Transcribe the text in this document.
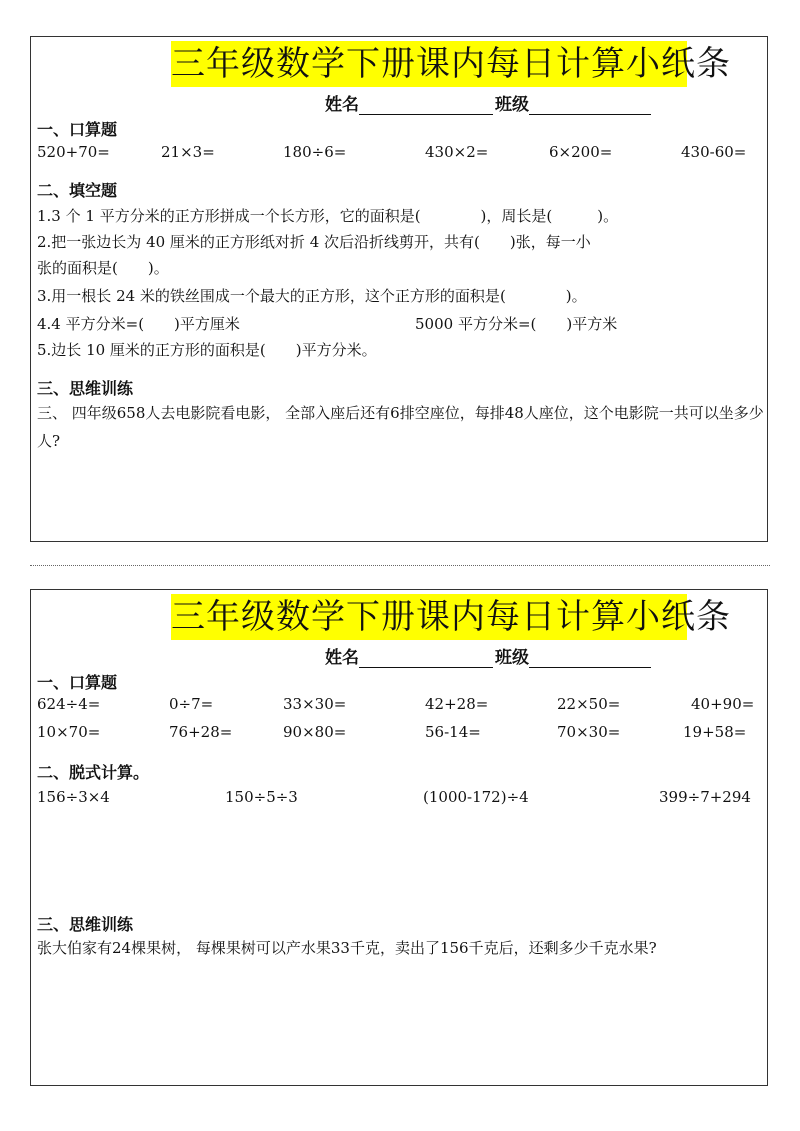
三年级数学下册课内每日计算小纸条
姓名	班级
一、口算题
520+70=	21×3=	180÷6=	430×2=	6×200=	430-60=
二、填空题
1.3 个 1 平方分米的正方形拼成一个长方形，它的面积是(　　　　)，周长是(　　　)。
2.把一张边长为 40 厘米的正方形纸对折 4 次后沿折线剪开，共有(　　)张，每一小
张的面积是(　　)。
3.用一根长 24 米的铁丝围成一个最大的正方形，这个正方形的面积是(　　　　)。
4.4 平方分米=(　　)平方厘米	5000 平方分米=(　　)平方米
5.边长 10 厘米的正方形的面积是(　　)平方分米。
三、思维训练
三、 四年级658人去电影院看电影， 全部入座后还有6排空座位，每排48人座位，这个电影院一共可以坐多少人?
三年级数学下册课内每日计算小纸条
姓名	班级
一、口算题
624÷4=	0÷7=	33×30=	42+28=	22×50=	40+90=
10×70=	76+28=	90×80=	56-14=	70×30=	19+58=
二、脱式计算。
156÷3×4	150÷5÷3	(1000-172)÷4	399÷7+294
三、思维训练
张大伯家有24棵果树， 每棵果树可以产水果33千克，卖出了156千克后，还剩多少千克水果?
